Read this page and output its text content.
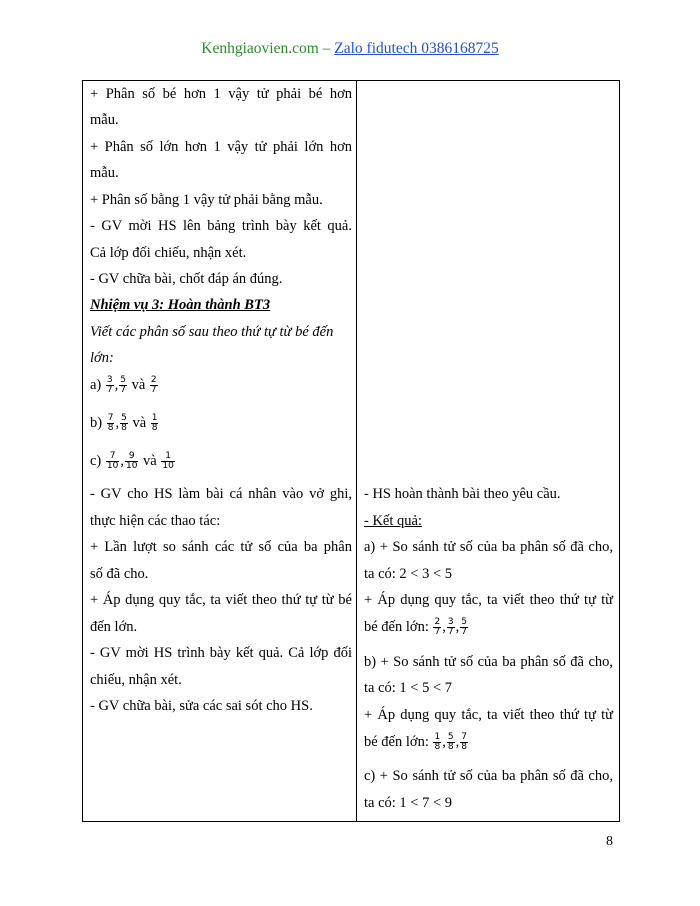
Kenhgiaovien.com – Zalo fidutech 0386168725
+ Phân số bé hơn 1 vậy tử phải bé hơn
mẫu.
+ Phân số lớn hơn 1 vậy tử phải lớn hơn
mẫu.
+ Phân số bằng 1 vậy tử phải bằng mẫu.
- GV mời HS lên bảng trình bày kết quả.
Cả lớp đối chiếu, nhận xét.
- GV chữa bài, chốt đáp án đúng.
Nhiệm vụ 3: Hoàn thành BT3
Viết các phân số sau theo thứ tự từ bé đến
lớn:
$a) \frac{3}{7}$ , $\frac{5}{7}$ và $\frac{2}{7}$
$b) \frac{7}{8}$ , $\frac{5}{8}$ và $\frac{1}{8}$
$c) \frac{7}{10}$ , $\frac{9}{10}$ và $\frac{1}{10}$
- GV cho HS làm bài cá nhân vào vở ghi,
thực hiện các thao tác:
+ Lần lượt so sánh các tử số của ba phân
số đã cho.
+ Áp dụng quy tắc, ta viết theo thứ tự từ bé
đến lớn.
- GV mời HS trình bày kết quả. Cả lớp đối
chiếu, nhận xét.
- GV chữa bài, sửa các sai sót cho HS.
- HS hoàn thành bài theo yêu cầu.
- Kết quả:
a) + So sánh tử số của ba phân số đã cho,
ta có: 2 < 3 < 5
+ Áp dụng quy tắc, ta viết theo thứ tự từ
bé đến lớn: $\frac{2}{7}$ , $\frac{3}{7}$ , $\frac{5}{7}$
b) + So sánh tử số của ba phân số đã cho,
ta có: 1 < 5 < 7
+ Áp dụng quy tắc, ta viết theo thứ tự từ
bé đến lớn: $\frac{1}{8}$ , $\frac{5}{8}$ , $\frac{7}{8}$
c) + So sánh tử số của ba phân số đã cho,
ta có: 1 < 7 < 9
8
